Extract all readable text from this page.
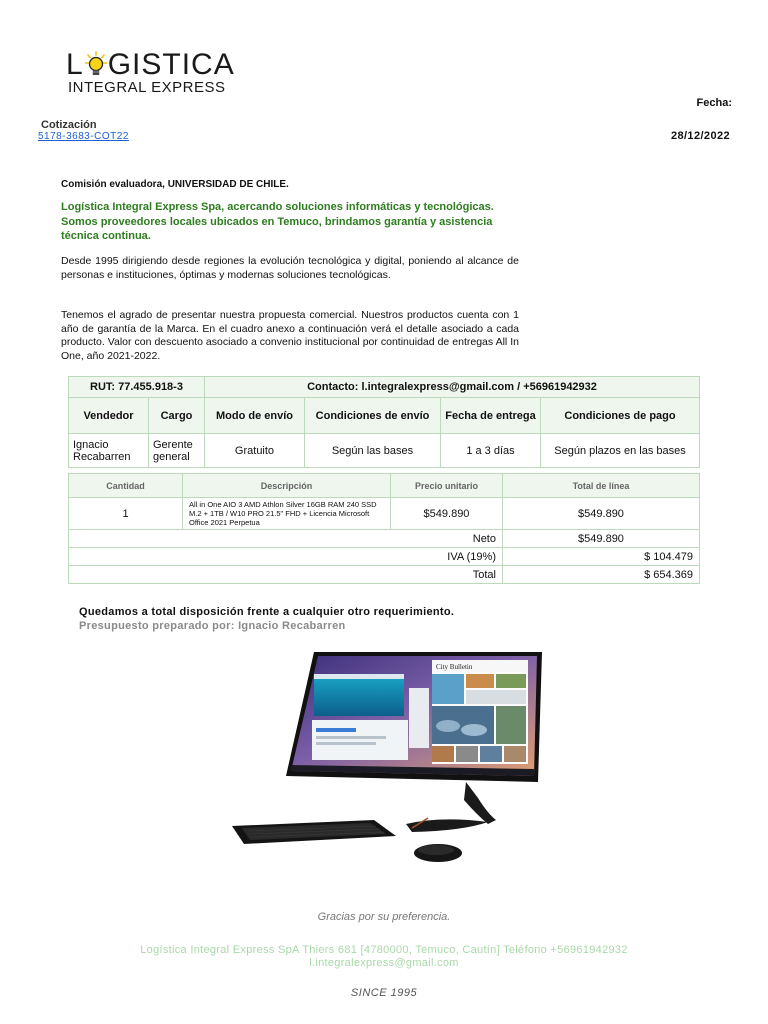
L GISTICA
INTEGRAL EXPRESS
Fecha:
28/12/2022
Cotización
5178-3683-COT22
Comisión evaluadora, UNIVERSIDAD DE CHILE.
Logística Integral Express Spa, acercando soluciones informáticas y tecnológicas. Somos proveedores locales ubicados en Temuco, brindamos garantía y asistencia técnica continua.
Desde 1995 dirigiendo desde regiones la evolución tecnológica y digital, poniendo al alcance de personas e instituciones, óptimas y modernas soluciones tecnológicas.
Tenemos el agrado de presentar nuestra propuesta comercial. Nuestros productos cuenta con 1 año de garantía de la Marca. En el cuadro anexo a continuación verá el detalle asociado a cada producto. Valor con descuento asociado a convenio institucional por continuidad de entregas All In One, año 2021-2022.
RUT: 77.455.918-3		Contacto: l.integralexpress@gmail.com / +56961942932			
Vendedor	Cargo	Modo de envío	Condiciones de envío	Fecha de entrega	Condiciones de pago
Ignacio Recabarren	Gerente general	Gratuito	Según las bases	1 a 3 días	Según plazos en las bases
Cantidad	Descripción	Precio unitario	Total de línea
1	All in One AIO 3 AMD Athlon Silver 16GB RAM 240 SSD M.2 + 1TB / W10 PRO 21.5" FHD + Licencia Microsoft Office 2021 Perpetua	$549.890	$549.890
Neto			$549.890
IVA (19%)			$ 104.479
Total			$ 654.369
Quedamos a total disposición frente a cualquier otro requerimiento.
Presupuesto preparado por: Ignacio Recabarren
City Bulletin
Gracias por su preferencia.
Logística Integral Express SpA Thiers 681 [4780000, Temuco, Cautín] Teléfono +56961942932 l.integralexpress@gmail.com
SINCE 1995
